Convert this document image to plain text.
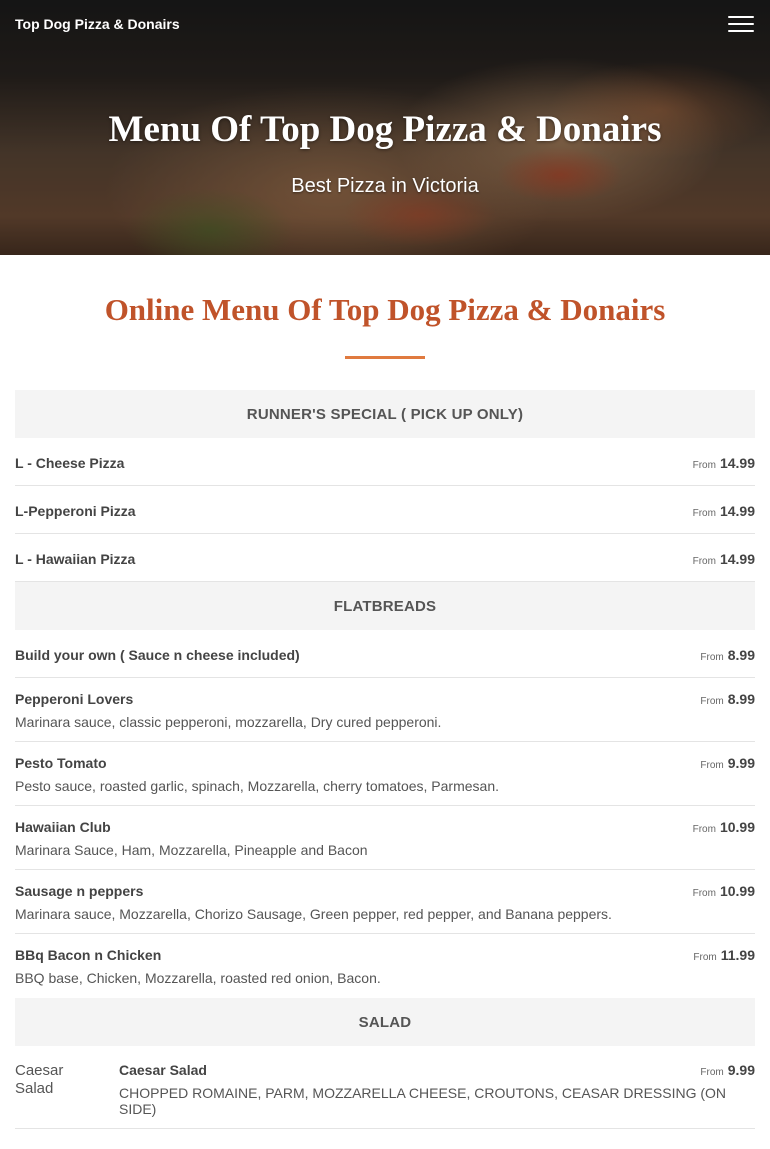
Top Dog Pizza & Donairs
Menu Of Top Dog Pizza & Donairs
Best Pizza in Victoria
Online Menu Of Top Dog Pizza & Donairs
RUNNER'S SPECIAL ( PICK UP ONLY)
L - Cheese Pizza	From 14.99
L-Pepperoni Pizza	From 14.99
L - Hawaiian Pizza	From 14.99
FLATBREADS
Build your own ( Sauce n cheese included)	From 8.99
Pepperoni Lovers
Marinara sauce, classic pepperoni, mozzarella, Dry cured pepperoni.
From 8.99
Pesto Tomato
Pesto sauce, roasted garlic, spinach, Mozzarella, cherry tomatoes, Parmesan.
From 9.99
Hawaiian Club
Marinara Sauce, Ham, Mozzarella, Pineapple and Bacon
From 10.99
Sausage n peppers
Marinara sauce, Mozzarella, Chorizo Sausage, Green pepper, red pepper, and Banana peppers.
From 10.99
BBq Bacon n Chicken
BBQ base, Chicken, Mozzarella, roasted red onion, Bacon.
From 11.99
SALAD
Caesar Salad
Caesar Salad
CHOPPED ROMAINE, PARM, MOZZARELLA CHEESE, CROUTONS, CEASAR DRESSING (ON SIDE)
From 9.99
